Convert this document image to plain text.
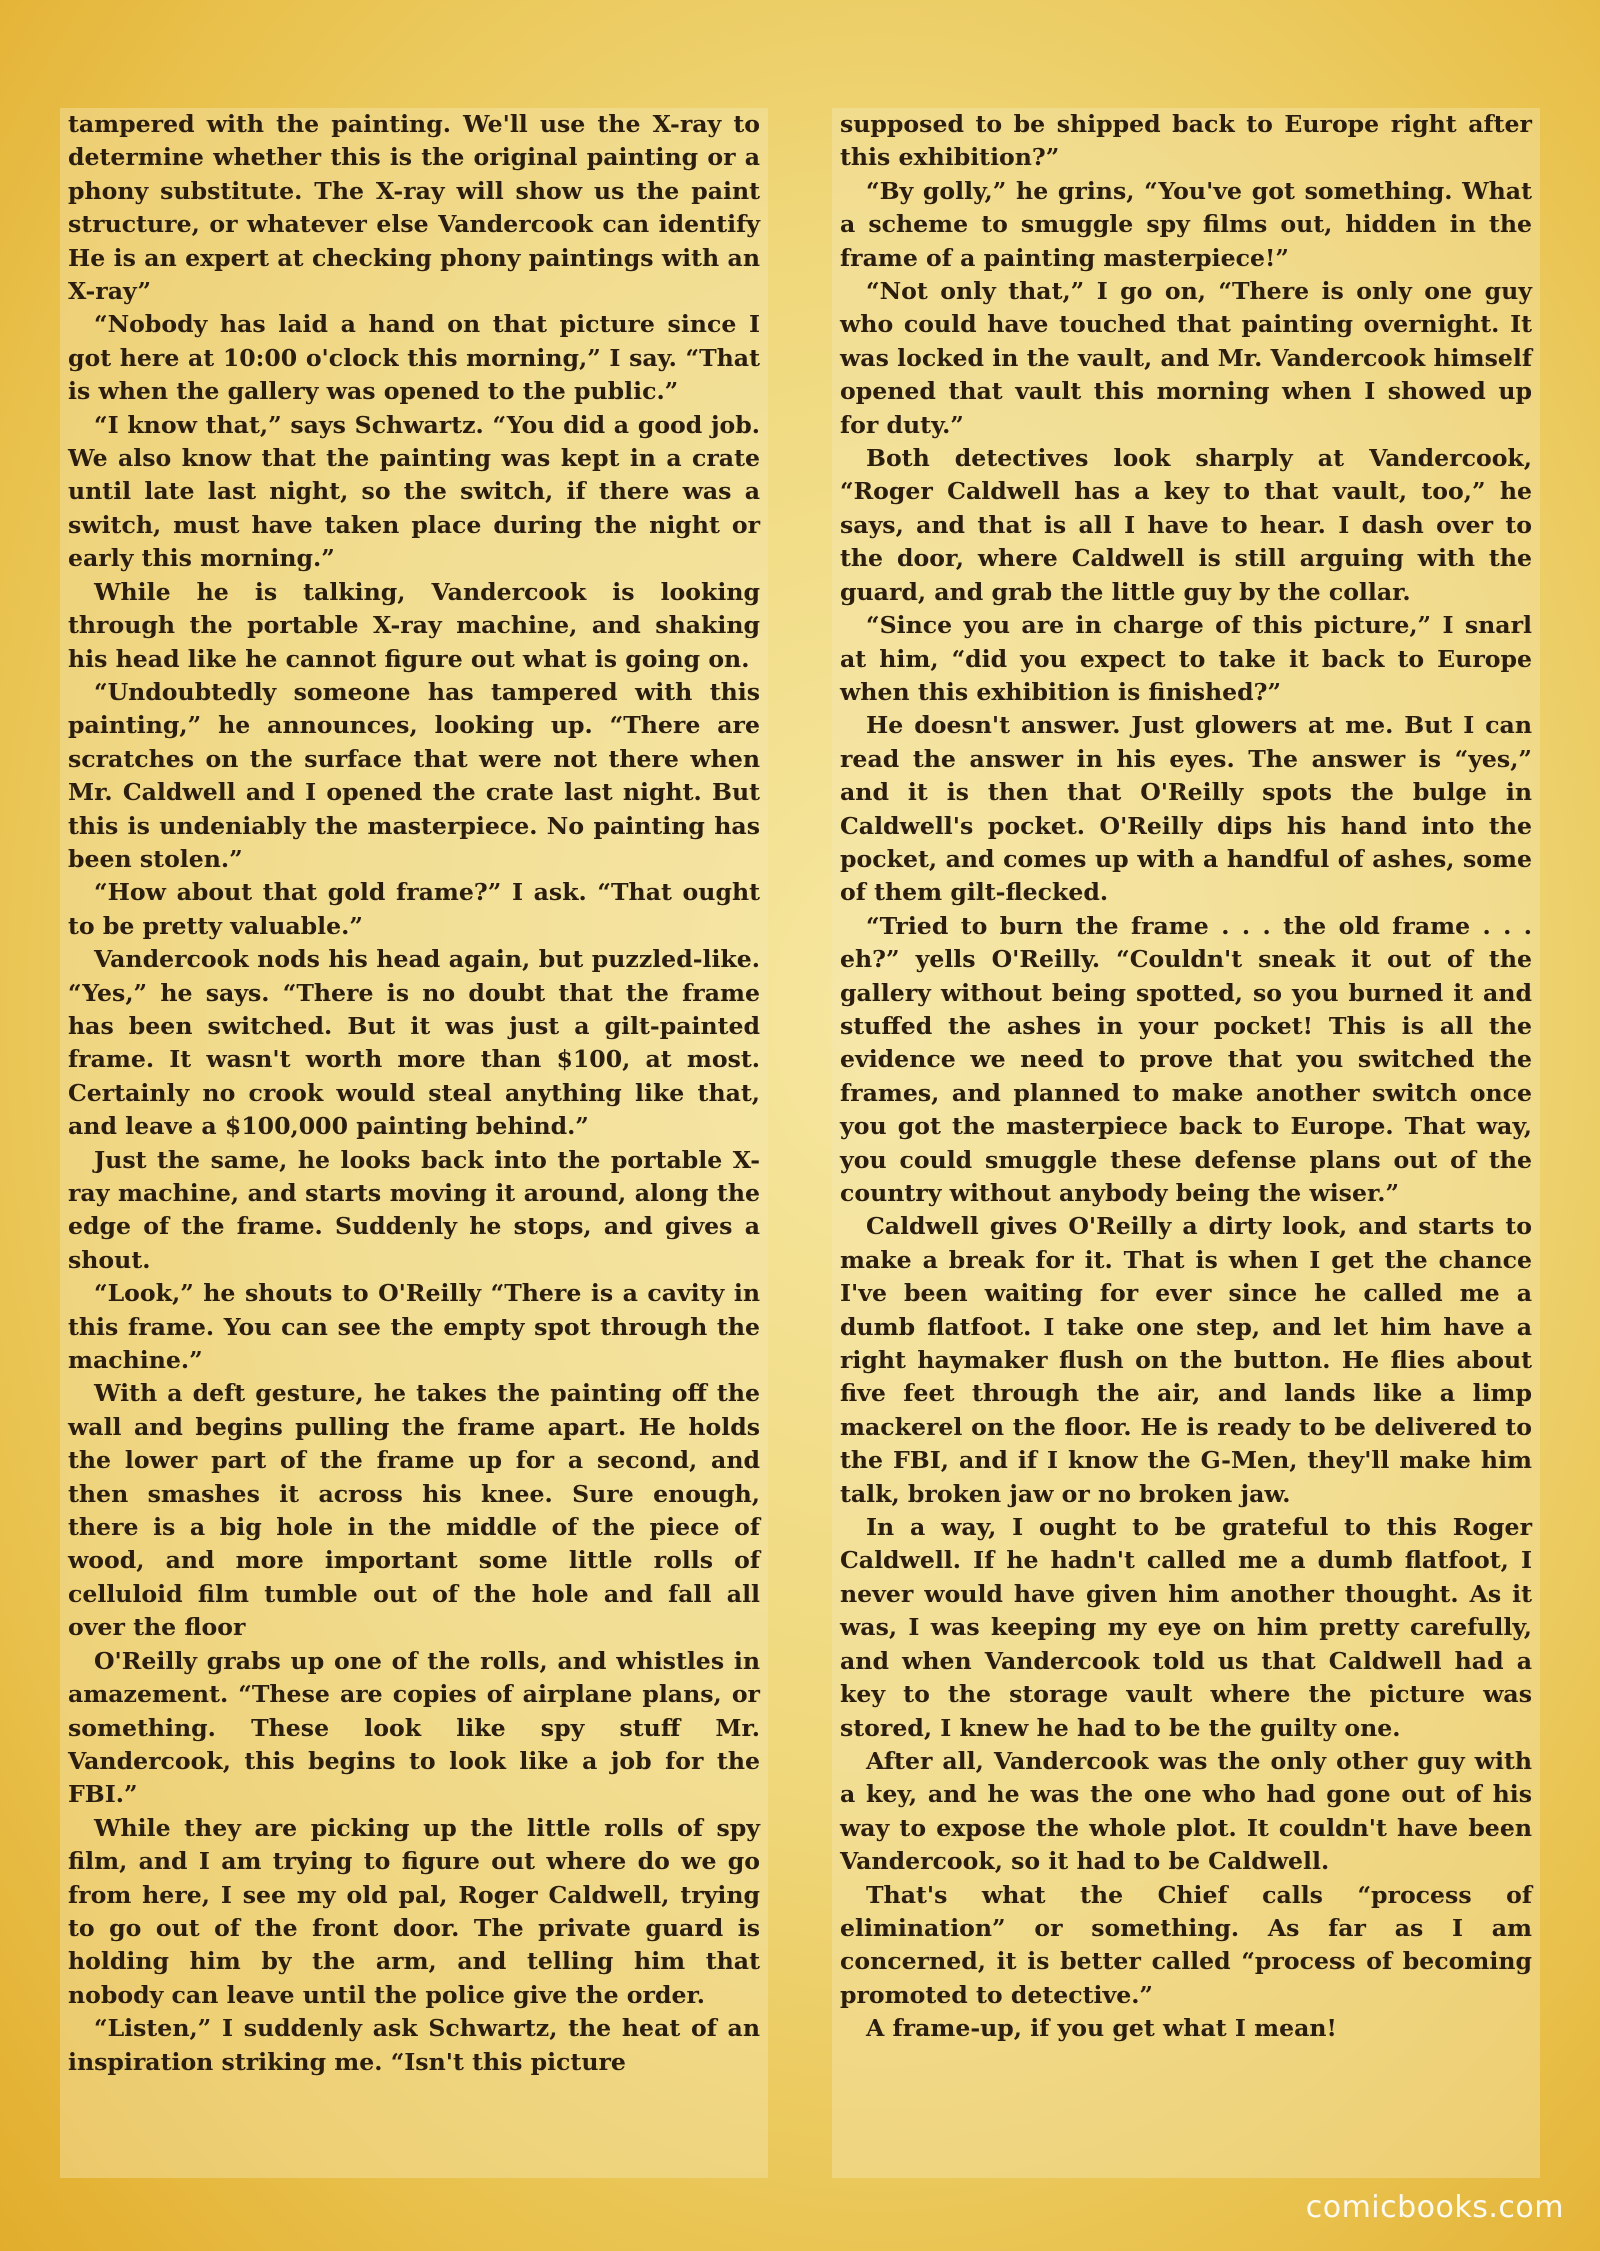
tampered with the painting. We'll use the X-ray to determine whether this is the original painting or a phony substitute. The X-ray will show us the paint structure, or whatever else Vandercook can identify He is an expert at checking phony paintings with an X-ray”

“Nobody has laid a hand on that picture since I got here at 10:00 o'clock this morning,” I say. “That is when the gallery was opened to the public.”

“I know that,” says Schwartz. “You did a good job. We also know that the painting was kept in a crate until late last night, so the switch, if there was a switch, must have taken place during the night or early this morning.”

While he is talking, Vandercook is looking through the portable X-ray machine, and shaking his head like he cannot figure out what is going on.

“Undoubtedly someone has tampered with this painting,” he announces, looking up. “There are scratches on the surface that were not there when Mr. Caldwell and I opened the crate last night. But this is undeniably the masterpiece. No painting has been stolen.”

“How about that gold frame?” I ask. “That ought to be pretty valuable.”

Vandercook nods his head again, but puzzled-like. “Yes,” he says. “There is no doubt that the frame has been switched. But it was just a gilt-painted frame. It wasn't worth more than $100, at most. Certainly no crook would steal anything like that, and leave a $100,000 painting behind.”

Just the same, he looks back into the portable X-ray machine, and starts moving it around, along the edge of the frame. Suddenly he stops, and gives a shout.

“Look,” he shouts to O'Reilly “There is a cavity in this frame. You can see the empty spot through the machine.”

With a deft gesture, he takes the painting off the wall and begins pulling the frame apart. He holds the lower part of the frame up for a second, and then smashes it across his knee. Sure enough, there is a big hole in the middle of the piece of wood, and more important some little rolls of celluloid film tumble out of the hole and fall all over the floor

O'Reilly grabs up one of the rolls, and whistles in amazement. “These are copies of airplane plans, or something. These look like spy stuff Mr. Vandercook, this begins to look like a job for the FBI.”

While they are picking up the little rolls of spy film, and I am trying to figure out where do we go from here, I see my old pal, Roger Caldwell, trying to go out of the front door. The private guard is holding him by the arm, and telling him that nobody can leave until the police give the order.

“Listen,” I suddenly ask Schwartz, the heat of an inspiration striking me. “Isn't this picture

supposed to be shipped back to Europe right after this exhibition?”

“By golly,” he grins, “You've got something. What a scheme to smuggle spy films out, hidden in the frame of a painting masterpiece!”

“Not only that,” I go on, “There is only one guy who could have touched that painting overnight. It was locked in the vault, and Mr. Vandercook himself opened that vault this morning when I showed up for duty.”

Both detectives look sharply at Vandercook, “Roger Caldwell has a key to that vault, too,” he says, and that is all I have to hear. I dash over to the door, where Caldwell is still arguing with the guard, and grab the little guy by the collar.

“Since you are in charge of this picture,” I snarl at him, “did you expect to take it back to Europe when this exhibition is finished?”

He doesn't answer. Just glowers at me. But I can read the answer in his eyes. The answer is “yes,” and it is then that O'Reilly spots the bulge in Caldwell's pocket. O'Reilly dips his hand into the pocket, and comes up with a handful of ashes, some of them gilt-flecked.

“Tried to burn the frame . . . the old frame . . . eh?” yells O'Reilly. “Couldn't sneak it out of the gallery without being spotted, so you burned it and stuffed the ashes in your pocket! This is all the evidence we need to prove that you switched the frames, and planned to make another switch once you got the masterpiece back to Europe. That way, you could smuggle these defense plans out of the country without anybody being the wiser.”

Caldwell gives O'Reilly a dirty look, and starts to make a break for it. That is when I get the chance I've been waiting for ever since he called me a dumb flatfoot. I take one step, and let him have a right haymaker flush on the button. He flies about five feet through the air, and lands like a limp mackerel on the floor. He is ready to be delivered to the FBI, and if I know the G-Men, they'll make him talk, broken jaw or no broken jaw.

In a way, I ought to be grateful to this Roger Caldwell. If he hadn't called me a dumb flatfoot, I never would have given him another thought. As it was, I was keeping my eye on him pretty carefully, and when Vandercook told us that Caldwell had a key to the storage vault where the picture was stored, I knew he had to be the guilty one.

After all, Vandercook was the only other guy with a key, and he was the one who had gone out of his way to expose the whole plot. It couldn't have been Vandercook, so it had to be Caldwell.

That's what the Chief calls “process of elimination” or something. As far as I am concerned, it is better called “process of becoming promoted to detective.”

A frame-up, if you get what I mean!

comicbooks.com
